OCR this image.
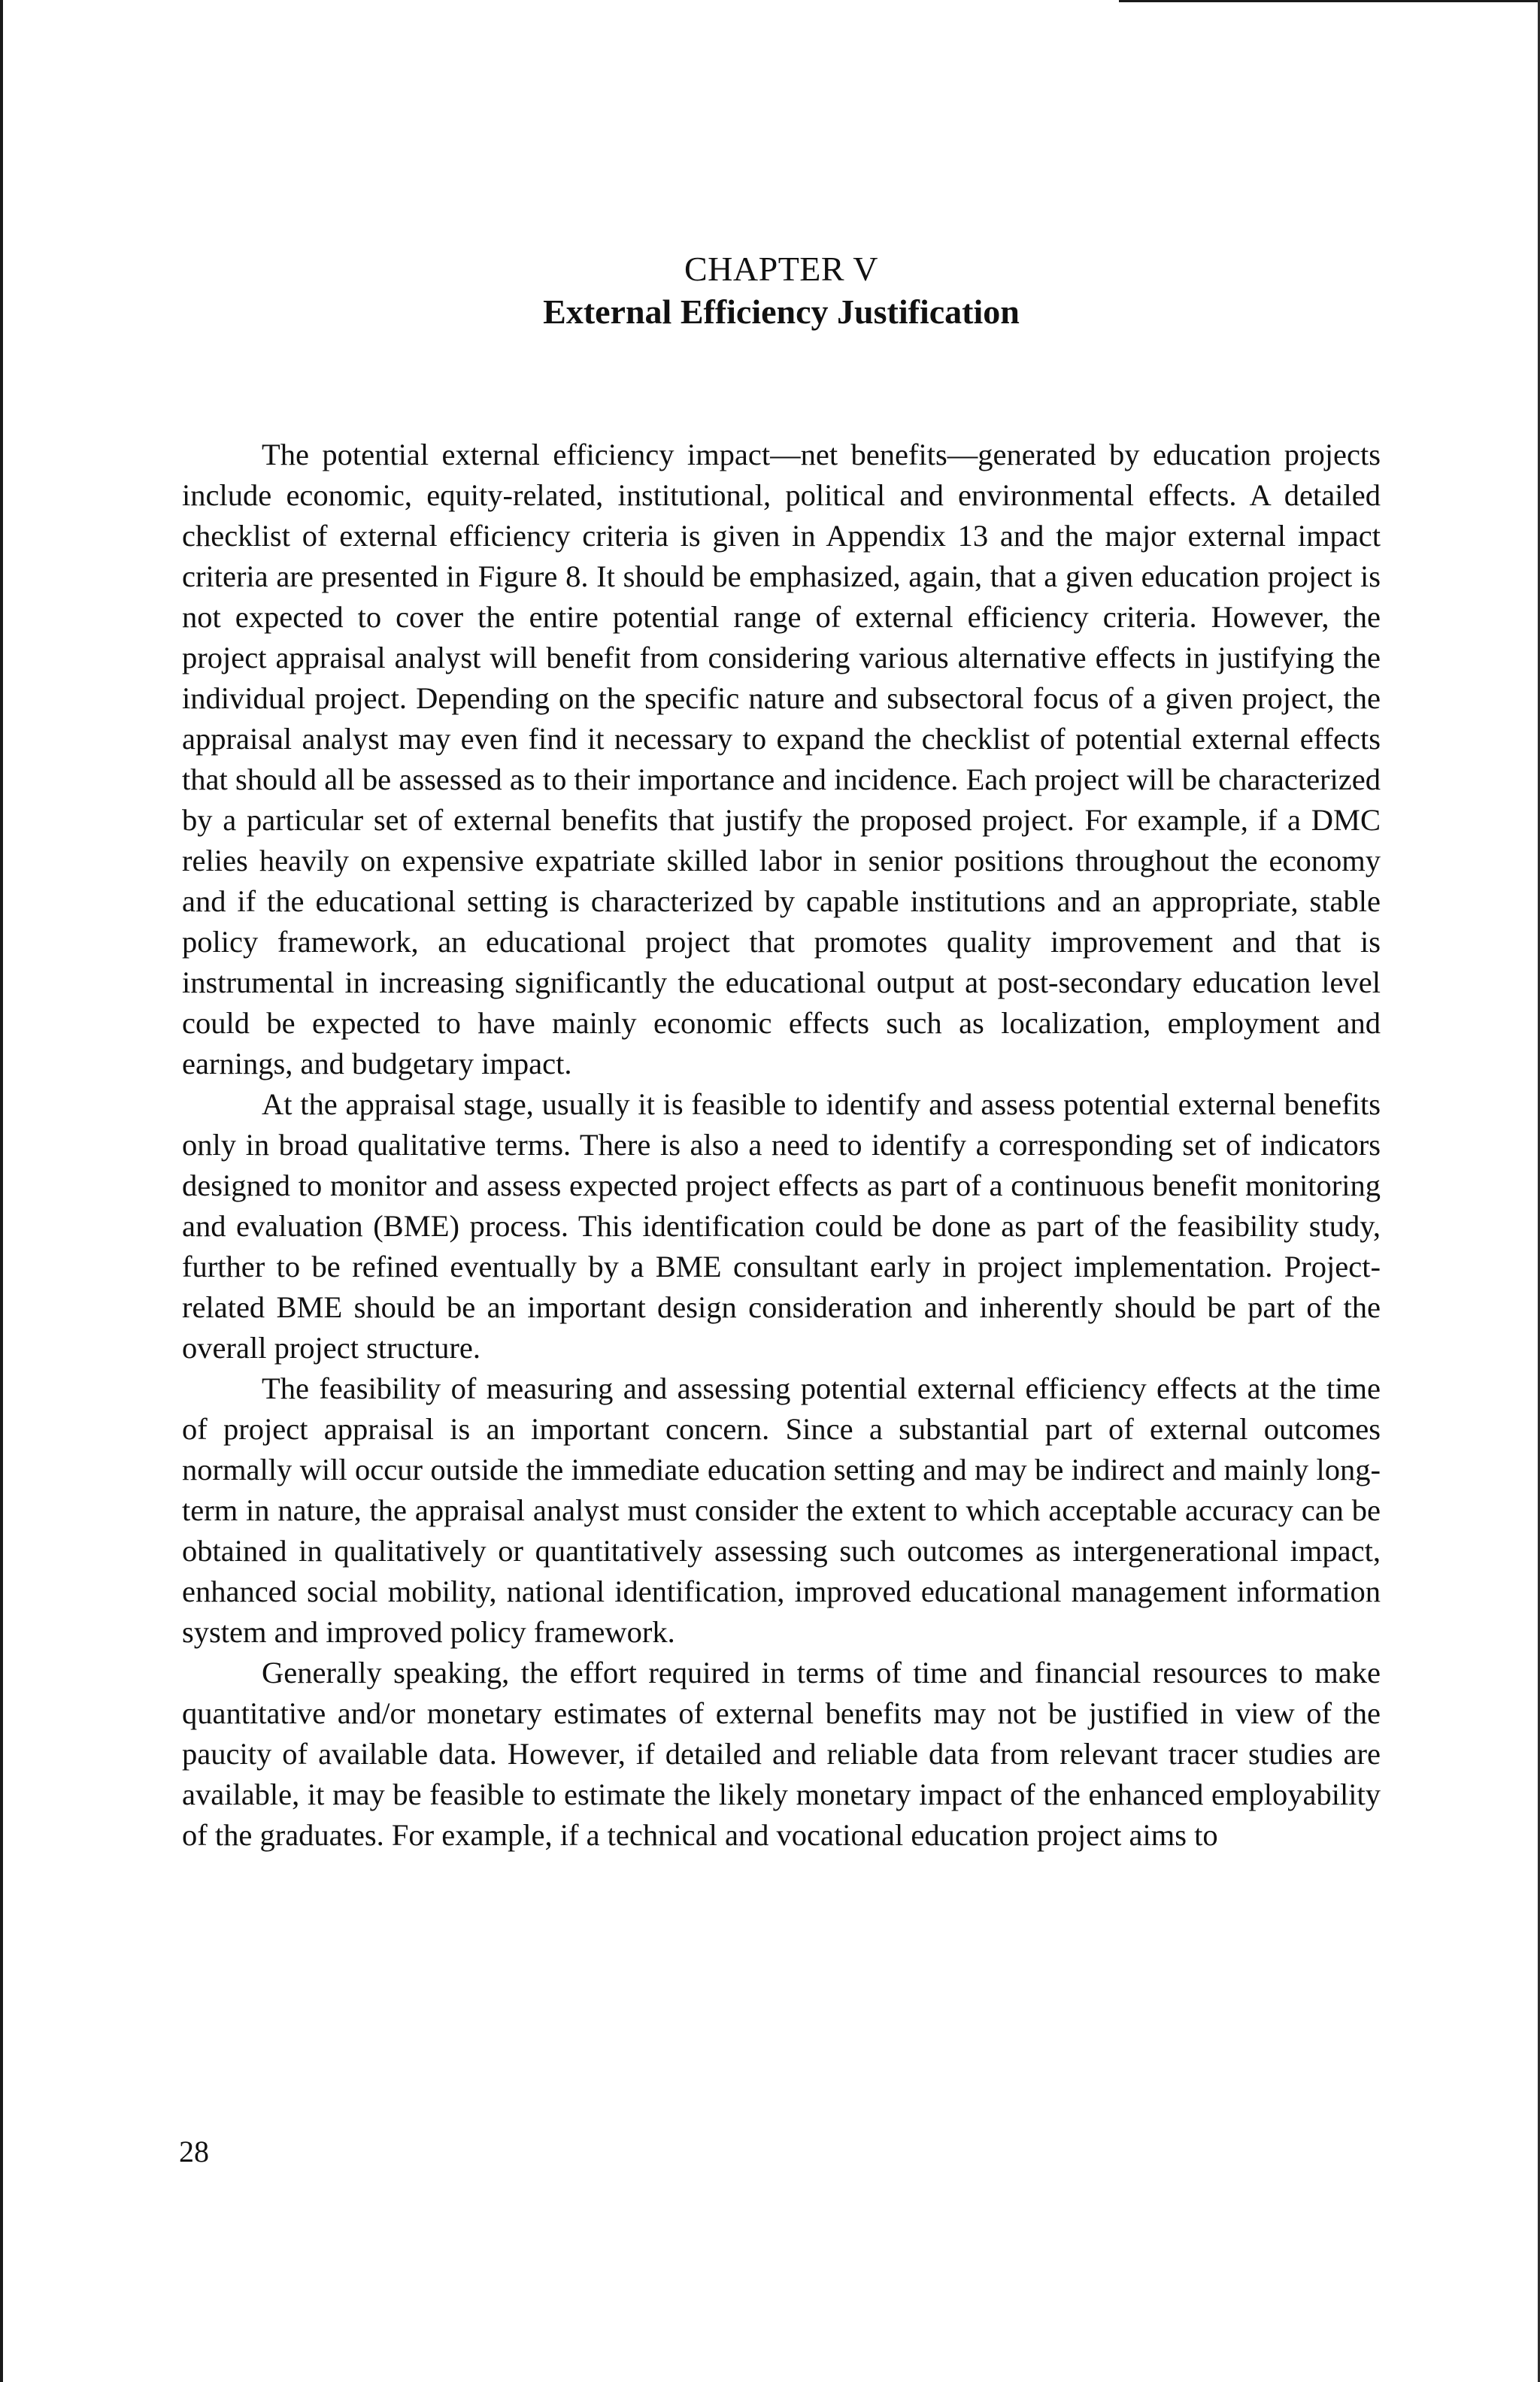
CHAPTER V

External Efficiency Justification

The potential external efficiency impact—net benefits—generated by education projects include economic, equity-related, institutional, political and environmental effects. A detailed checklist of external efficiency criteria is given in Appendix 13 and the major external impact criteria are presented in Figure 8. It should be emphasized, again, that a given education project is not expected to cover the entire potential range of external efficiency criteria. However, the project appraisal analyst will benefit from considering various alternative effects in justifying the individual project. Depending on the specific nature and subsectoral focus of a given project, the appraisal analyst may even find it necessary to expand the checklist of potential external effects that should all be assessed as to their importance and incidence. Each project will be characterized by a particular set of external benefits that justify the proposed project. For example, if a DMC relies heavily on expensive expatriate skilled labor in senior positions throughout the economy and if the educational setting is characterized by capable institutions and an appropriate, stable policy framework, an educational project that promotes quality improvement and that is instrumental in increasing significantly the educational output at post-secondary education level could be expected to have mainly economic effects such as localization, employment and earnings, and budgetary impact.

At the appraisal stage, usually it is feasible to identify and assess potential external benefits only in broad qualitative terms. There is also a need to identify a corresponding set of indicators designed to monitor and assess expected project effects as part of a continuous benefit monitoring and evaluation (BME) process. This identification could be done as part of the feasibility study, further to be refined eventually by a BME consultant early in project implementation. Project-related BME should be an important design consideration and inherently should be part of the overall project structure.

The feasibility of measuring and assessing potential external efficiency effects at the time of project appraisal is an important concern. Since a substantial part of external outcomes normally will occur outside the immediate education setting and may be indirect and mainly long- term in nature, the appraisal analyst must consider the extent to which acceptable accuracy can be obtained in qualitatively or quantitatively assessing such outcomes as intergenerational impact, enhanced social mobility, national identification, improved educational management information system and improved policy framework.

Generally speaking, the effort required in terms of time and financial resources to make quantitative and/or monetary estimates of external benefits may not be justified in view of the paucity of available data. However, if detailed and reliable data from relevant tracer studies are available, it may be feasible to estimate the likely monetary impact of the enhanced employability of the graduates. For example, if a technical and vocational education project aims to

28
